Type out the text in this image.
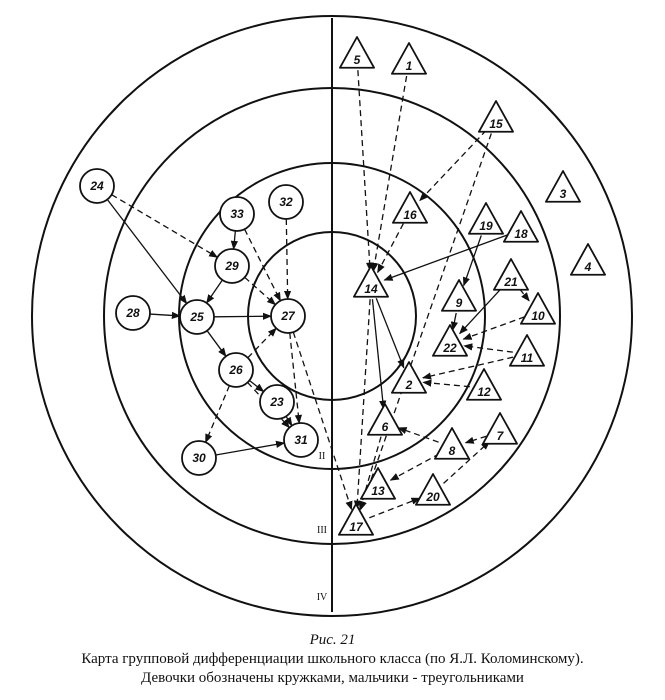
II
III
IV
23
24
25
26
27
28
29
30
31
32
33
1
2
3
4
5
6
7
8
9
10
11
12
13
14
15
16
17
18
19
20
21
22
Рис. 21
Карта групповой дифференциации школьного класса (по Я.Л. Коломинскому).
Девочки обозначены кружками, мальчики - треугольниками
